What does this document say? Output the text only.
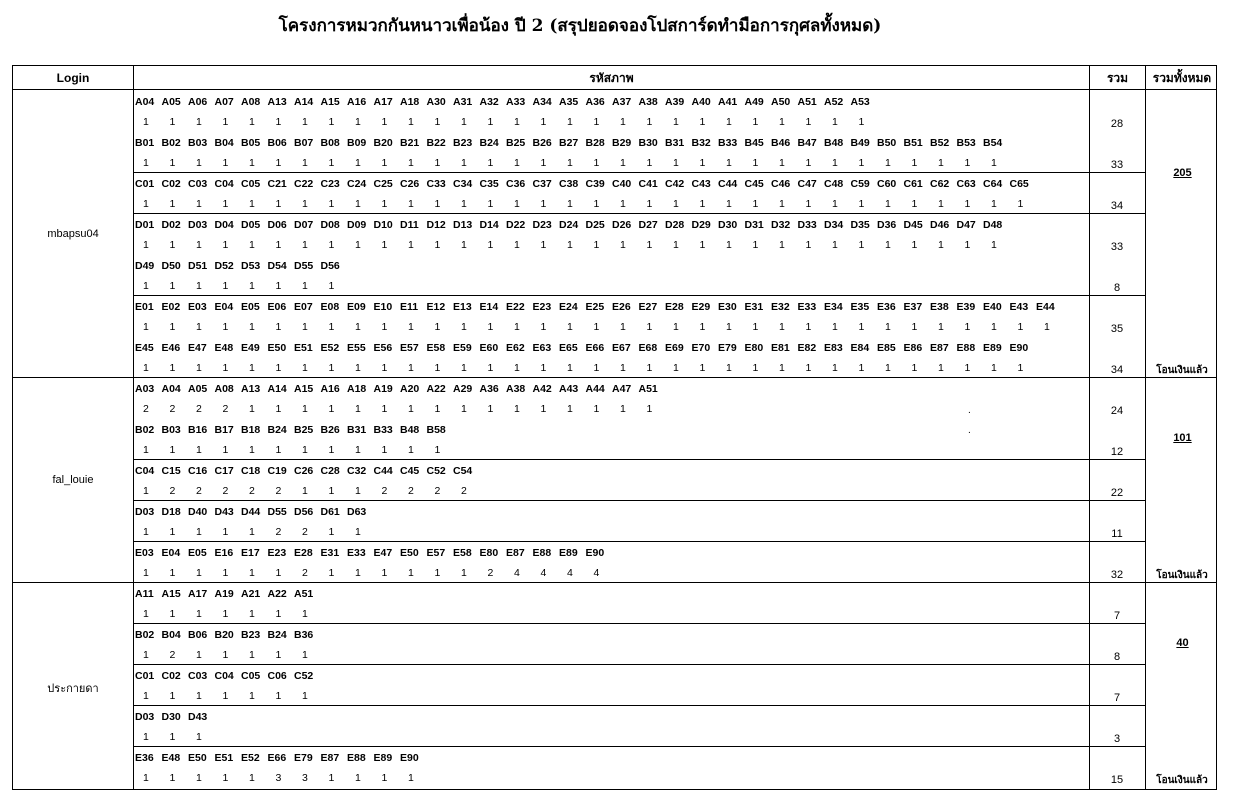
โครงการหมวกกันหนาวเพื่อน้อง ปี 2 (สรุปยอดจองโปสการ์ดทำมือการกุศลทั้งหมด)
Login	รหัสภาพ	รวม	รวมทั้งหมด
A04 A05 A06 A07 A08 A13 A14 A15 A16 A17 A18 A30 A31 A32 A33 A34 A35 A36 A37 A38 A39 A40 A41 A49 A50 A51 A52 A53
1 1 1 1 1 1 1 1 1 1 1 1 1 1 1 1 1 1 1 1 1 1 1 1 1 1 1 1	28
B01 B02 B03 B04 B05 B06 B07 B08 B09 B20 B21 B22 B23 B24 B25 B26 B27 B28 B29 B30 B31 B32 B33 B45 B46 B47 B48 B49 B50 B51 B52 B53 B54
1 1 1 1 1 1 1 1 1 1 1 1 1 1 1 1 1 1 1 1 1 1 1 1 1 1 1 1 1 1 1 1 1	33
C01 C02 C03 C04 C05 C21 C22 C23 C24 C25 C26 C33 C34 C35 C36 C37 C38 C39 C40 C41 C42 C43 C44 C45 C46 C47 C48 C59 C60 C61 C62 C63 C64 C65
1 1 1 1 1 1 1 1 1 1 1 1 1 1 1 1 1 1 1 1 1 1 1 1 1 1 1 1 1 1 1 1 1 1	34
D01 D02 D03 D04 D05 D06 D07 D08 D09 D10 D11 D12 D13 D14 D22 D23 D24 D25 D26 D27 D28 D29 D30 D31 D32 D33 D34 D35 D36 D45 D46 D47 D48
1 1 1 1 1 1 1 1 1 1 1 1 1 1 1 1 1 1 1 1 1 1 1 1 1 1 1 1 1 1 1 1 1	33
D49 D50 D51 D52 D53 D54 D55 D56
1 1 1 1 1 1 1 1	8
E01 E02 E03 E04 E05 E06 E07 E08 E09 E10 E11 E12 E13 E14 E22 E23 E24 E25 E26 E27 E28 E29 E30 E31 E32 E33 E34 E35 E36 E37 E38 E39 E40 E43 E44
1 1 1 1 1 1 1 1 1 1 1 1 1 1 1 1 1 1 1 1 1 1 1 1 1 1 1 1 1 1 1 1 1 1 1	35
E45 E46 E47 E48 E49 E50 E51 E52 E55 E56 E57 E58 E59 E60 E62 E63 E65 E66 E67 E68 E69 E70 E79 E80 E81 E82 E83 E84 E85 E86 E87 E88 E89 E90
1 1 1 1 1 1 1 1 1 1 1 1 1 1 1 1 1 1 1 1 1 1 1 1 1 1 1 1 1 1 1 1 1 1	34
mbapsu04
205
โอนเงินแล้ว
A03 A04 A05 A08 A13 A14 A15 A16 A18 A19 A20 A22 A29 A36 A38 A42 A43 A44 A47 A51
2 2 2 2 1 1 1 1 1 1 1 1 1 1 1 1 1 1 1 1	24
B02 B03 B16 B17 B18 B24 B25 B26 B31 B33 B48 B58
1 1 1 1 1 1 1 1 1 1 1 1	12
C04 C15 C16 C17 C18 C19 C26 C28 C32 C44 C45 C52 C54
1 2 2 2 2 2 1 1 1 2 2 2 2	22
D03 D18 D40 D43 D44 D55 D56 D61 D63
1 1 1 1 1 2 2 1 1	11
E03 E04 E05 E16 E17 E23 E28 E31 E33 E47 E50 E57 E58 E80 E87 E88 E89 E90
1 1 1 1 1 1 2 1 1 1 1 1 1 2 4 4 4 4	32
fal_louie
101
โอนเงินแล้ว
A11 A15 A17 A19 A21 A22 A51
1 1 1 1 1 1 1	7
B02 B04 B06 B20 B23 B24 B36
1 2 1 1 1 1 1	8
C01 C02 C03 C04 C05 C06 C52
1 1 1 1 1 1 1	7
D03 D30 D43
1 1 1	3
E36 E48 E50 E51 E52 E66 E79 E87 E88 E89 E90
1 1 1 1 1 3 3 1 1 1 1	15
ประกายดา
40
โอนเงินแล้ว
.
.
